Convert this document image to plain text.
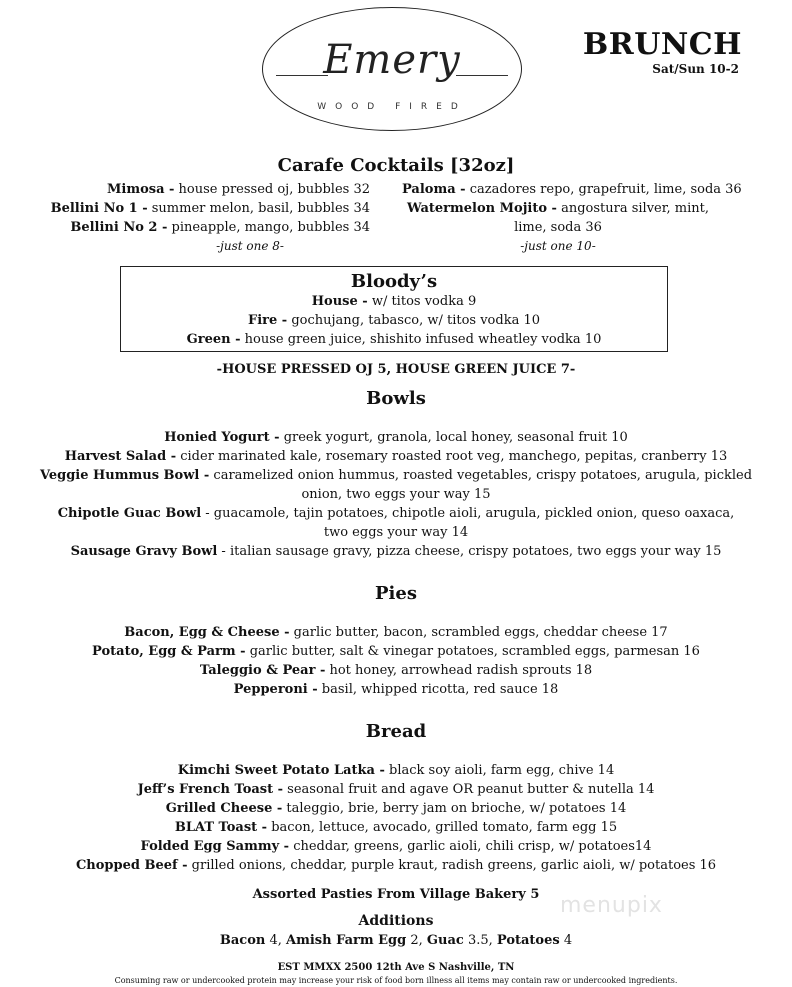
Emery
WOOD FIRED
BRUNCH
Sat/Sun 10-2
Carafe Cocktails [32oz]
Mimosa - house pressed oj, bubbles 32
Bellini No 1 - summer melon, basil, bubbles 34
Bellini No 2 - pineapple, mango, bubbles 34
-just one 8-
Paloma - cazadores repo, grapefruit, lime, soda 36
Watermelon Mojito - angostura silver, mint,
lime, soda 36
-just one 10-
Bloody’s
House - w/ titos vodka 9
Fire - gochujang, tabasco, w/ titos vodka 10
Green - house green juice, shishito infused wheatley vodka 10
-HOUSE PRESSED OJ 5, HOUSE GREEN JUICE 7-
Bowls
Honied Yogurt - greek yogurt, granola, local honey, seasonal fruit 10
Harvest Salad - cider marinated kale, rosemary roasted root veg, manchego, pepitas, cranberry 13
Veggie Hummus Bowl - caramelized onion hummus, roasted vegetables, crispy potatoes, arugula, pickled
onion, two eggs your way 15
Chipotle Guac Bowl - guacamole, tajin potatoes, chipotle aioli, arugula, pickled onion, queso oaxaca,
two eggs your way 14
Sausage Gravy Bowl - italian sausage gravy, pizza cheese, crispy potatoes, two eggs your way 15
Pies
Bacon, Egg & Cheese - garlic butter, bacon, scrambled eggs, cheddar cheese 17
Potato, Egg & Parm - garlic butter, salt & vinegar potatoes, scrambled eggs, parmesan 16
Taleggio & Pear - hot honey, arrowhead radish sprouts 18
Pepperoni - basil, whipped ricotta, red sauce 18
Bread
Kimchi Sweet Potato Latka - black soy aioli, farm egg, chive 14
Jeff’s French Toast - seasonal fruit and agave OR peanut butter & nutella 14
Grilled Cheese - taleggio, brie, berry jam on brioche, w/ potatoes 14
BLAT Toast - bacon, lettuce, avocado, grilled tomato, farm egg 15
Folded Egg Sammy - cheddar, greens, garlic aioli, chili crisp, w/ potatoes14
Chopped Beef - grilled onions, cheddar, purple kraut, radish greens, garlic aioli, w/ potatoes 16
Assorted Pasties From Village Bakery 5
Additions
Bacon 4, Amish Farm Egg 2, Guac 3.5, Potatoes 4
menupix
EST MMXX 2500 12th Ave S Nashville, TN
Consuming raw or undercooked protein may increase your risk of food born illness all items may contain raw or undercooked ingredients.
